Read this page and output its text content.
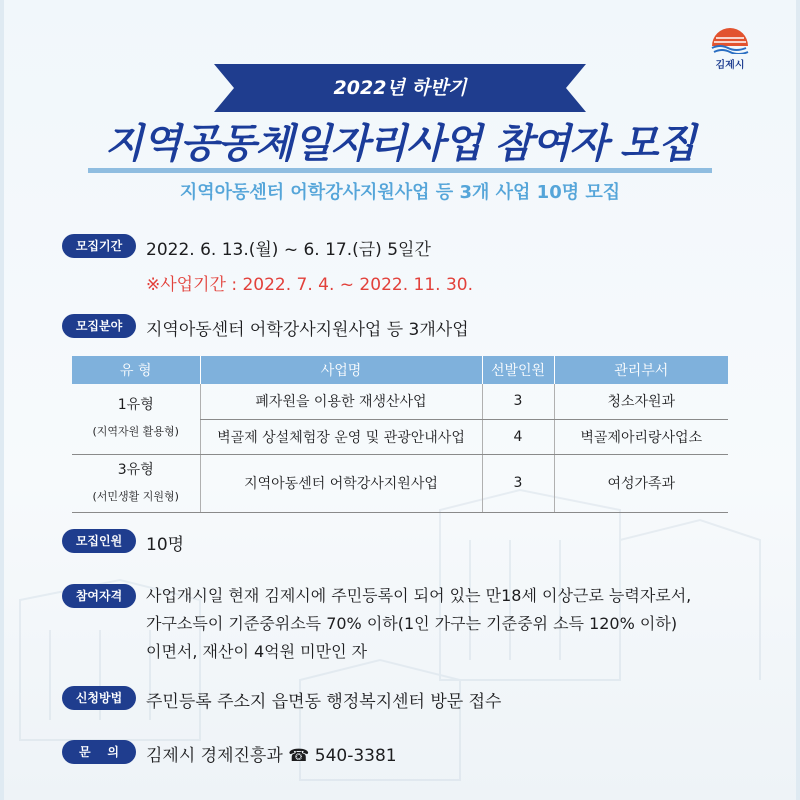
김제시
2022년 하반기
지역공동체일자리사업 참여자 모집
지역아동센터 어학강사지원사업 등 3개 사업 10명 모집
모집기간	2022. 6. 13.(월) ~ 6. 17.(금) 5일간
※사업기간 : 2022. 7. 4. ~ 2022. 11. 30.
모집분야	지역아동센터 어학강사지원사업 등 3개사업
유 형	사업명	선발인원	관리부서

1유형
(지역자원 활용형)	폐자원을 이용한 재생산사업	3	청소자원과
	벽골제 상설체험장 운영 및 관광안내사업	4	벽골제아리랑사업소

3유형
(서민생활 지원형)	지역아동센터 어학강사지원사업	3	여성가족과
모집인원	10명
참여자격	사업개시일 현재 김제시에 주민등록이 되어 있는 만18세 이상근로 능력자로서,
가구소득이 기준중위소득 70% 이하(1인 가구는 기준중위 소득 120% 이하)
이면서, 재산이 4억원 미만인 자
신청방법	주민등록 주소지 읍면동 행정복지센터 방문 접수
문    의	김제시 경제진흥과 ☎ 540-3381
